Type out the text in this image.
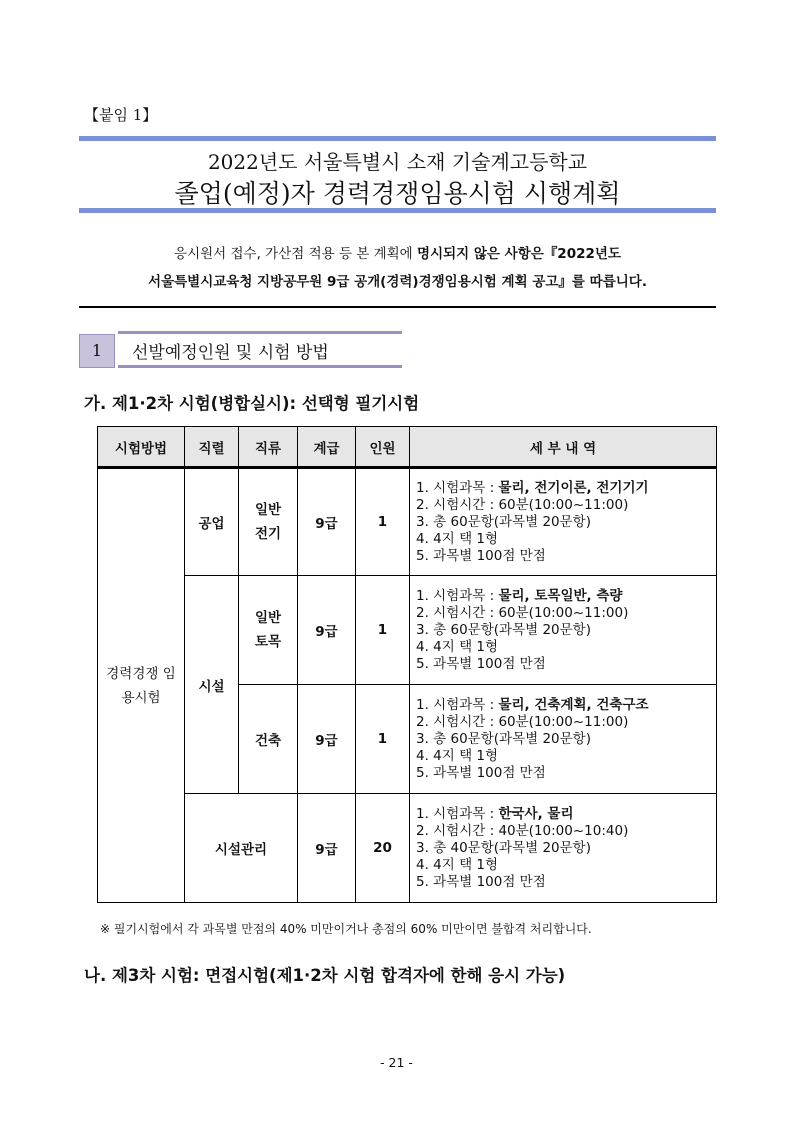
【붙임 1】
2022년도 서울특별시 소재 기술계고등학교
졸업(예정)자 경력경쟁임용시험 시행계획
응시원서 접수, 가산점 적용 등 본 계획에 명시되지 않은 사항은『2022년도
서울특별시교육청 지방공무원 9급 공개(경력)경쟁임용시험 계획 공고』를 따릅니다.
1	선발예정인원 및 시험 방법
가. 제1·2차 시험(병합실시): 선택형 필기시험
시험방법	직렬	직류	계급	인원	세 부 내 역
경력경쟁 임용시험	공업	일반 전기	9급	1	1. 시험과목 : 물리, 전기이론, 전기기기
2. 시험시간 : 60분(10:00~11:00)
3. 총 60문항(과목별 20문항)
4. 4지 택 1형
5. 과목별 100점 만점

	시설	일반 토목	9급	1	1. 시험과목 : 물리, 토목일반, 측량
2. 시험시간 : 60분(10:00~11:00)
3. 총 60문항(과목별 20문항)
4. 4지 택 1형
5. 과목별 100점 만점

		건축	9급	1	1. 시험과목 : 물리, 건축계획, 건축구조
2. 시험시간 : 60분(10:00~11:00)
3. 총 60문항(과목별 20문항)
4. 4지 택 1형
5. 과목별 100점 만점

	시설관리		9급	20	1. 시험과목 : 한국사, 물리
2. 시험시간 : 40분(10:00~10:40)
3. 총 40문항(과목별 20문항)
4. 4지 택 1형
5. 과목별 100점 만점
※ 필기시험에서 각 과목별 만점의 40% 미만이거나 총점의 60% 미만이면 불합격 처리합니다.
나. 제3차 시험: 면접시험(제1·2차 시험 합격자에 한해 응시 가능)
- 21 -
